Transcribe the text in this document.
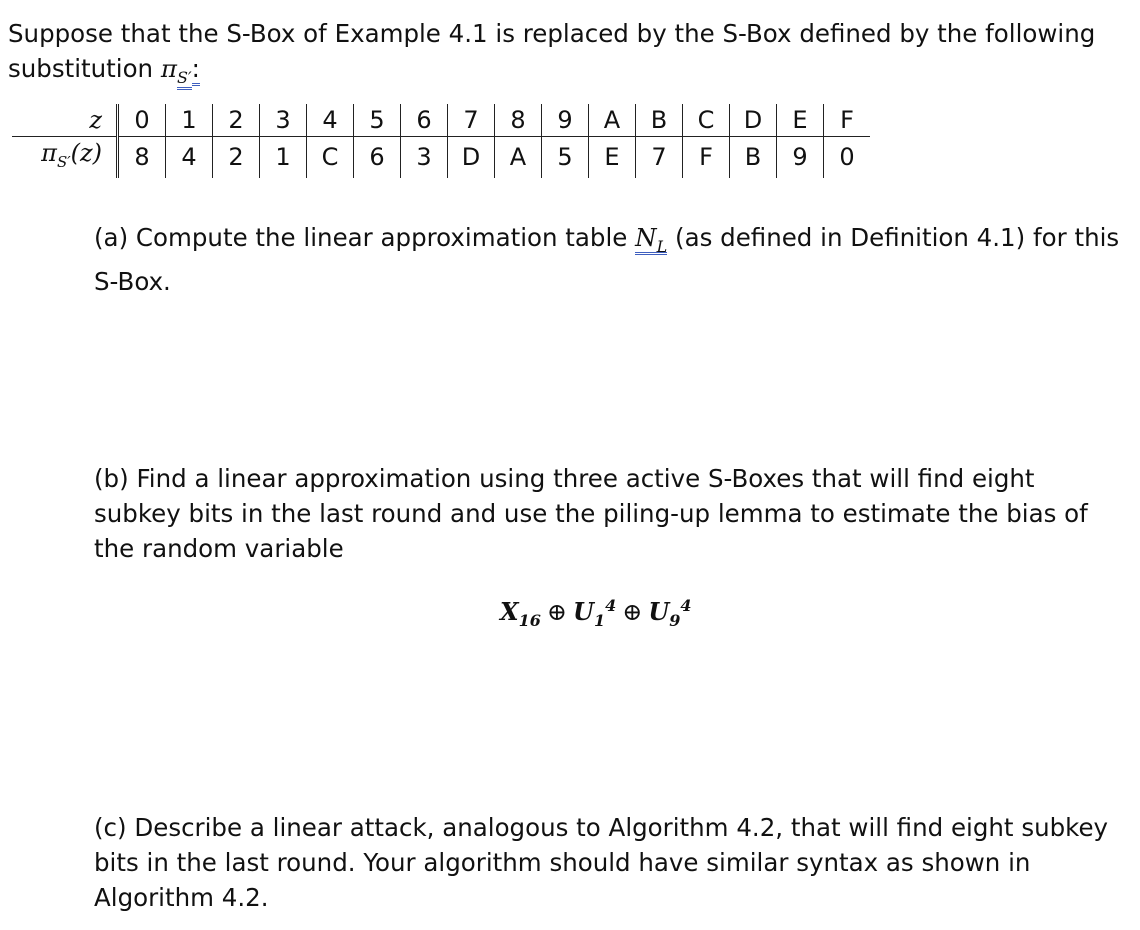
Suppose that the S-Box of Example 4.1 is replaced by the S-Box defined by the following substitution $\pi_{S'}$:
z	0	1	2	3	4	5	6	7	8	9	A	B	C	D	E	F
$\pi_{S'}(z)$	8	4	2	1	C	6	3	D	A	5	E	7	F	B	9	0
(a) Compute the linear approximation table $N_L$ (as defined in Definition 4.1) for this S-Box.
(b) Find a linear approximation using three active S-Boxes that will find eight subkey bits in the last round and use the piling-up lemma to estimate the bias of the random variable
$X_{16}$ ⊕ $U_1^4$ ⊕ $U_9^4$
(c) Describe a linear attack, analogous to Algorithm 4.2, that will find eight subkey bits in the last round. Your algorithm should have similar syntax as shown in Algorithm 4.2.
